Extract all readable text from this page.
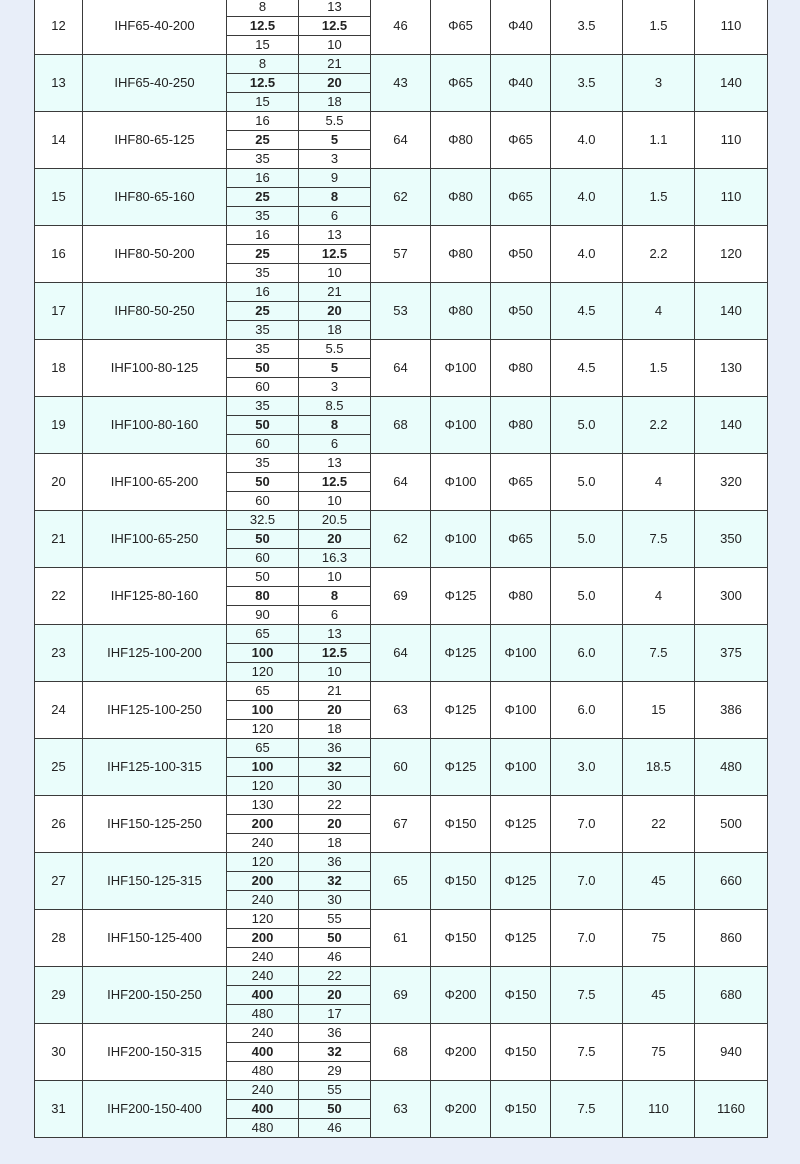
12	IHF65-40-200	8	13	46	Φ65	Φ40	3.5	1.5	110
		12.5	12.5						
		15	10						
13	IHF65-40-250	8	21	43	Φ65	Φ40	3.5	3	140
		12.5	20						
		15	18						
14	IHF80-65-125	16	5.5	64	Φ80	Φ65	4.0	1.1	110
		25	5						
		35	3						
15	IHF80-65-160	16	9	62	Φ80	Φ65	4.0	1.5	110
		25	8						
		35	6						
16	IHF80-50-200	16	13	57	Φ80	Φ50	4.0	2.2	120
		25	12.5						
		35	10						
17	IHF80-50-250	16	21	53	Φ80	Φ50	4.5	4	140
		25	20						
		35	18						
18	IHF100-80-125	35	5.5	64	Φ100	Φ80	4.5	1.5	130
		50	5						
		60	3						
19	IHF100-80-160	35	8.5	68	Φ100	Φ80	5.0	2.2	140
		50	8						
		60	6						
20	IHF100-65-200	35	13	64	Φ100	Φ65	5.0	4	320
		50	12.5						
		60	10						
21	IHF100-65-250	32.5	20.5	62	Φ100	Φ65	5.0	7.5	350
		50	20						
		60	16.3						
22	IHF125-80-160	50	10	69	Φ125	Φ80	5.0	4	300
		80	8						
		90	6						
23	IHF125-100-200	65	13	64	Φ125	Φ100	6.0	7.5	375
		100	12.5						
		120	10						
24	IHF125-100-250	65	21	63	Φ125	Φ100	6.0	15	386
		100	20						
		120	18						
25	IHF125-100-315	65	36	60	Φ125	Φ100	3.0	18.5	480
		100	32						
		120	30						
26	IHF150-125-250	130	22	67	Φ150	Φ125	7.0	22	500
		200	20						
		240	18						
27	IHF150-125-315	120	36	65	Φ150	Φ125	7.0	45	660
		200	32						
		240	30						
28	IHF150-125-400	120	55	61	Φ150	Φ125	7.0	75	860
		200	50						
		240	46						
29	IHF200-150-250	240	22	69	Φ200	Φ150	7.5	45	680
		400	20						
		480	17						
30	IHF200-150-315	240	36	68	Φ200	Φ150	7.5	75	940
		400	32						
		480	29						
31	IHF200-150-400	240	55	63	Φ200	Φ150	7.5	110	1160
		400	50						
		480	46						
